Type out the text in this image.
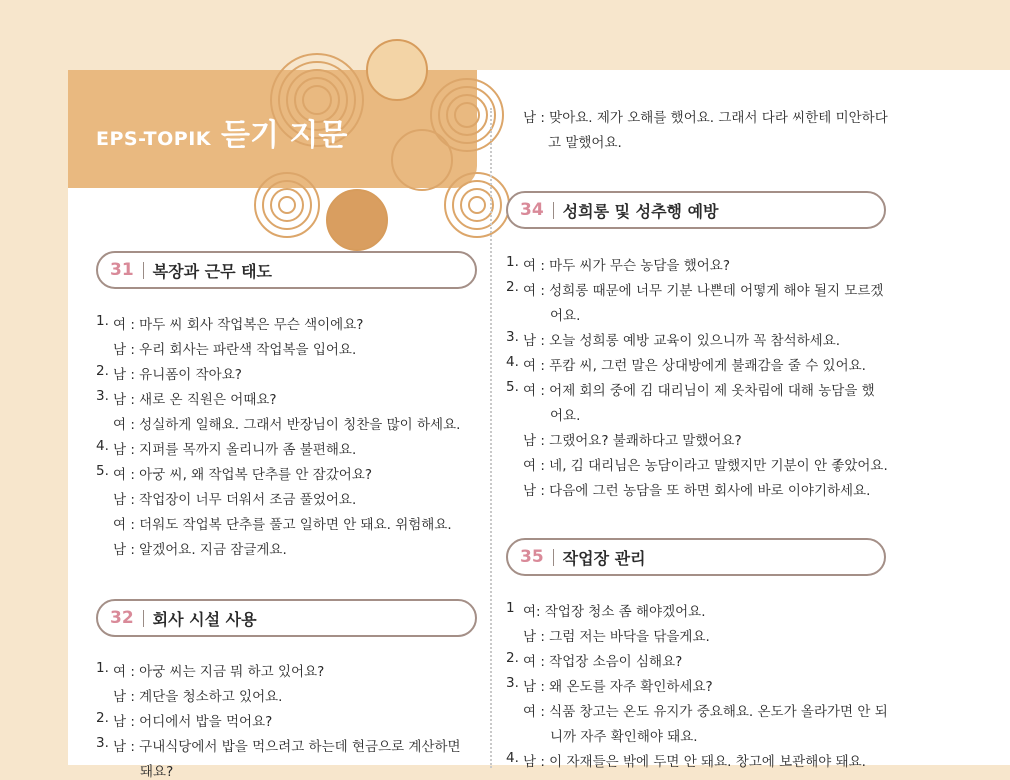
EPS-TOPIK 듣기 지문
31	복장과 근무 태도
1. 여 : 마두 씨 회사 작업복은 무슨 색이에요?
남 : 우리 회사는 파란색 작업복을 입어요.
2. 남 : 유니폼이 작아요?
3. 남 : 새로 온 직원은 어때요?
여 : 성실하게 일해요. 그래서 반장님이 칭찬을 많이 하세요.
4. 남 : 지퍼를 목까지 올리니까 좀 불편해요.
5. 여 : 아궁 씨, 왜 작업복 단추를 안 잠갔어요?
남 : 작업장이 너무 더워서 조금 풀었어요.
여 : 더워도 작업복 단추를 풀고 일하면 안 돼요. 위험해요.
남 : 알겠어요. 지금 잠글게요.
32	회사 시설 사용
1. 여 : 아궁 씨는 지금 뭐 하고 있어요?
남 : 계단을 청소하고 있어요.
2. 남 : 어디에서 밥을 먹어요?
3. 남 : 구내식당에서 밥을 먹으려고 하는데 현금으로 계산하면
돼요?
남 : 맞아요. 제가 오해를 했어요. 그래서 다라 씨한테 미안하다
고 말했어요.
34	성희롱 및 성추행 예방
1. 여 : 마두 씨가 무슨 농담을 했어요?
2. 여 : 성희롱 때문에 너무 기분 나쁜데 어떻게 해야 될지 모르겠
어요.
3. 남 : 오늘 성희롱 예방 교육이 있으니까 꼭 참석하세요.
4. 여 : 푸캄 씨, 그런 말은 상대방에게 불쾌감을 줄 수 있어요.
5. 여 : 어제 회의 중에 김 대리님이 제 옷차림에 대해 농담을 했
어요.
남 : 그랬어요? 불쾌하다고 말했어요?
여 : 네, 김 대리님은 농담이라고 말했지만 기분이 안 좋았어요.
남 : 다음에 그런 농담을 또 하면 회사에 바로 이야기하세요.
35	작업장 관리
1 여: 작업장 청소 좀 해야겠어요.
남 : 그럼 저는 바닥을 닦을게요.
2. 여 : 작업장 소음이 심해요?
3. 남 : 왜 온도를 자주 확인하세요?
여 : 식품 창고는 온도 유지가 중요해요. 온도가 올라가면 안 되
니까 자주 확인해야 돼요.
4. 남 : 이 자재들은 밖에 두면 안 돼요. 창고에 보관해야 돼요.
